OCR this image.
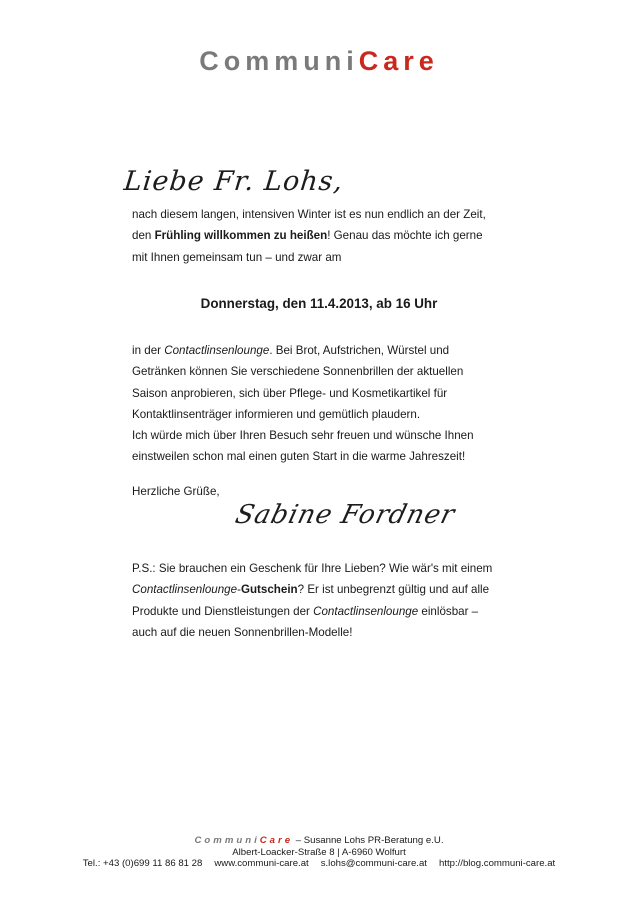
CommuniCare
Liebe Fr. Lohs,
nach diesem langen, intensiven Winter ist es nun endlich an der Zeit,
den Frühling willkommen zu heißen! Genau das möchte ich gerne
mit Ihnen gemeinsam tun – und zwar am
Donnerstag, den 11.4.2013, ab 16 Uhr
in der Contactlinsenlounge. Bei Brot, Aufstrichen, Würstel und
Getränken können Sie verschiedene Sonnenbrillen der aktuellen
Saison anprobieren, sich über Pflege- und Kosmetikartikel für
Kontaktlinsenträger informieren und gemütlich plaudern.
Ich würde mich über Ihren Besuch sehr freuen und wünsche Ihnen
einstweilen schon mal einen guten Start in die warme Jahreszeit!
Herzliche Grüße,
Sabine Fordner
P.S.: Sie brauchen ein Geschenk für Ihre Lieben? Wie wär's mit einem
Contactlinsenlounge-Gutschein? Er ist unbegrenzt gültig und auf alle
Produkte und Dienstleistungen der Contactlinsenlounge einlösbar –
auch auf die neuen Sonnenbrillen-Modelle!
CommuniCare – Susanne Lohs PR-Beratung e.U.
Albert-Loacker-Straße 8 | A-6960 Wolfurt
Tel.: +43 (0)699 11 86 81 28 www.communi-care.at s.lohs@communi-care.at http://blog.communi-care.at
